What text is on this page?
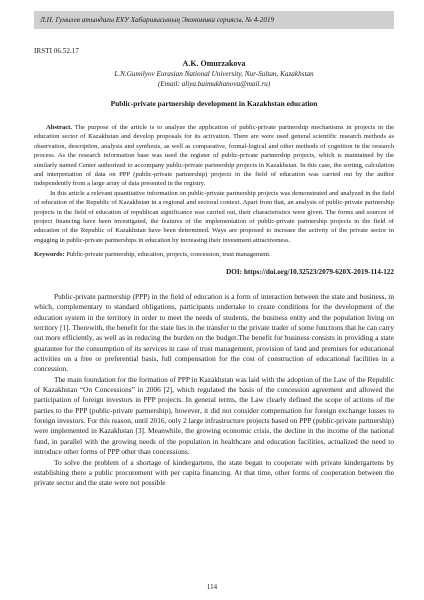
Л.Н. Гумилев атындағы ЕҰУ Хабаршысының Экономика сериясы, № 4-2019
IRSTI 06.52.17
A.K. Omurzakova
L.N.Gumilyov Eurasian National University, Nur-Sultan, Kazakhstan
(Email: aliya.baimukhanova@mail.ru)
Public-private partnership development in Kazakhstan education

Abstract. The purpose of the article is to analyze the application of public-private partnership mechanisms in projects in the education sector of Kazakhstan and develop proposals for its activation. There are were used general scientific research methods as observation, description, analysis and synthesis, as well as comparative, formal-logical and other methods of cognition in the research process. As the research information base was used the register of public-private partnership projects, which is maintained by the similarly named Center authorized to accompany public-private partnership projects in Kazakhstan. In this case, the sorting, calculation and interpretation of data on PPP (public-private partnership) projects in the field of education was carried out by the author independently from a large array of data presented in the registry.

In this article a relevant quantitative information on public-private partnership projects was demonstrated and analyzed in the field of education of the Republic of Kazakhstan in a regional and sectoral context. Apart from that, an analysis of public-private partnership projects in the field of education of republican significance was carried out, their characteristics were given. The forms and sources of project financing have been investigated, the features of the implementation of public-private partnership projects in the field of education of the Republic of Kazakhstan have been determined. Ways are proposed to increase the activity of the private sector in engaging in public-private partnerships in education by increasing their investment attractiveness.

Keywords: Public-private partnership, education, projects, concession, trust management.
DOI: https://doi.org/10.32523/2079-620X-2019-114-122

Public-private partnership (PPP) in the field of education is a form of interaction between the state and business, in which, complementary to standard obligations, participants undertake to create conditions for the development of the education system in the territory in order to meet the needs of students, the business entity and the population living on territory [1]. Therewith, the benefit for the state lies in the transfer to the private trader of some functions that he can carry out more efficiently, as well as in reducing the burden on the budget.The benefit for business consists in providing a state guarantee for the consumption of its services in case of trust management, provision of land and premises for educational activities on a free or preferential basis, full compensation for the cost of construction of educational facilities in a concession.

The main foundation for the formation of PPP in Kazakhstan was laid with the adoption of the Law of the Republic of Kazakhstan “On Concessions” in 2006 [2], which regulated the basis of the concession agreement and allowed the participation of foreign investors in PPP projects. In general terms, the Law clearly defined the scope of actions of the parties to the PPP (public-private partnership), however, it did not consider compensation for foreign exchange losses to foreign investors. For this reason, until 2016, only 2 large infrastructure projects based on PPP (public-private partnership) were implemented in Kazakhstan [3]. Meanwhile, the growing economic crisis, the decline in the income of the national fund, in parallel with the growing needs of the population in healthcare and education facilities, actualized the need to introduce other forms of PPP other than concessions.

To solve the problem of a shortage of kindergartens, the state began to cooperate with private kindergartens by establishing there a public procurement with per capita financing. At that time, other forms of cooperation between the private sector and the state were not possible

114
